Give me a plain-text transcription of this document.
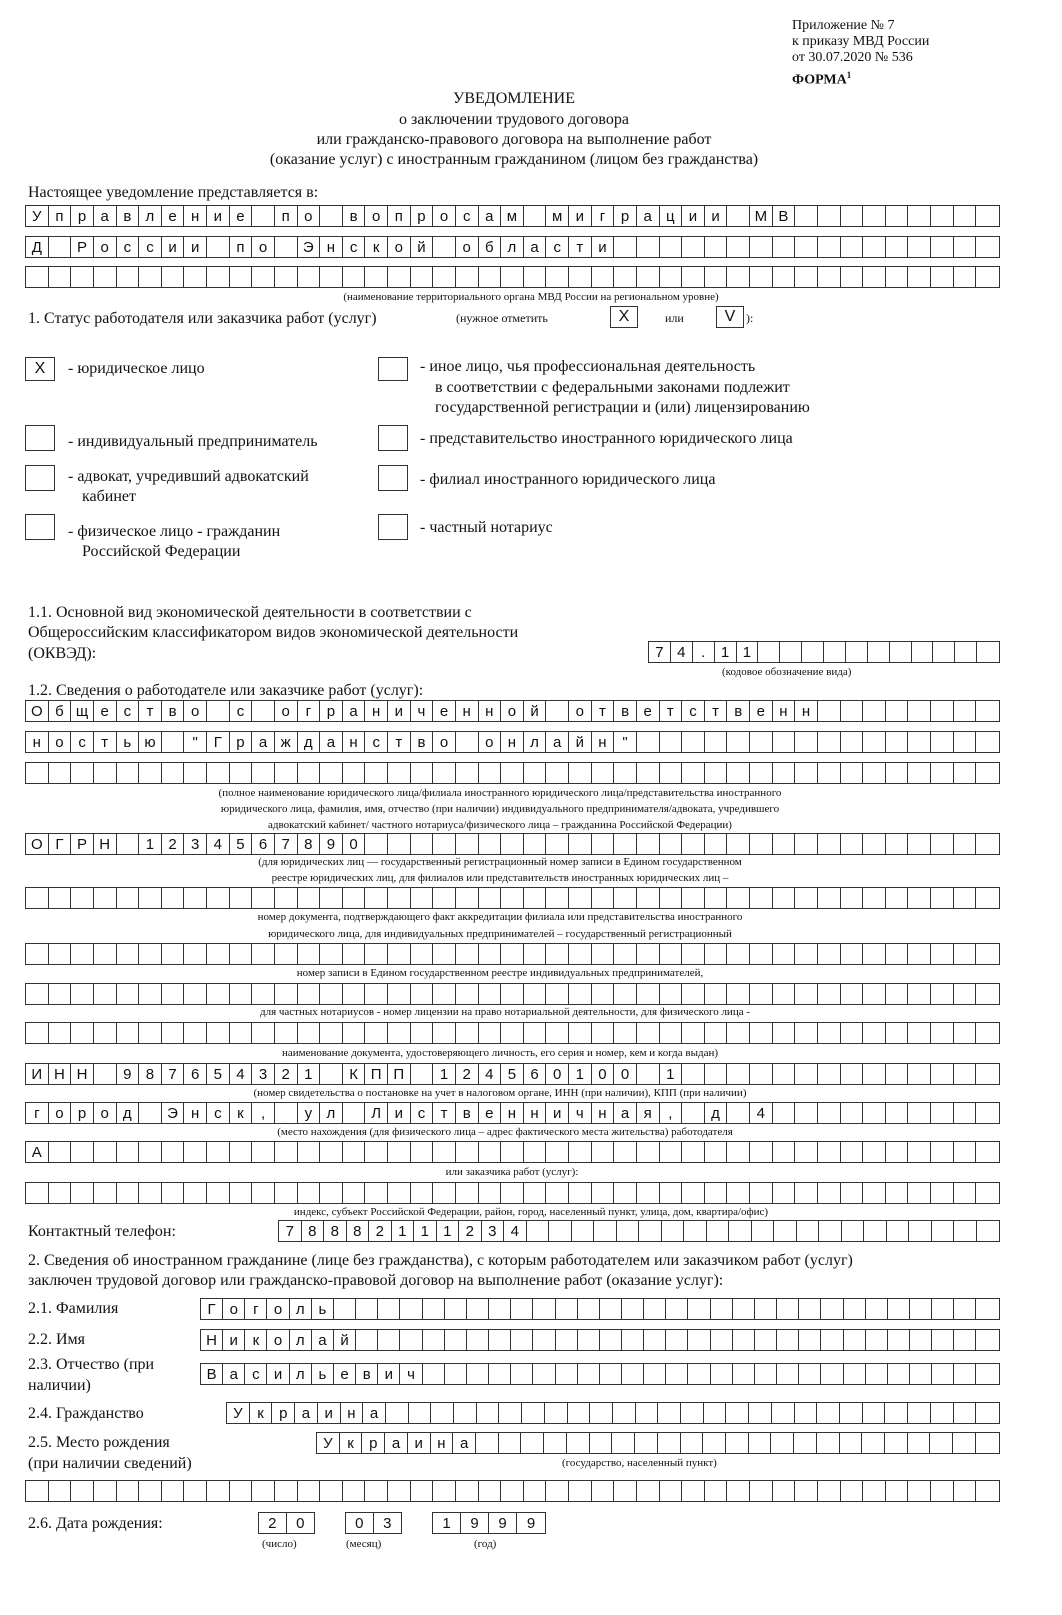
Приложение № 7
к приказу МВД России
от 30.07.2020 № 536
ФОРМА$^1$
УВЕДОМЛЕНИЕ
о заключении трудового договора
или гражданско-правового договора на выполнение работ
(оказание услуг) с иностранным гражданином (лицом без гражданства)
Настоящее уведомление представляется в:
У п р а в л е н и е	п о	в о п р о с а м	м и	г	р а ц и и	М В
Д	Р о с	с и и	п о	Э н с	к	о й	о б л а с	т и
(наименование территориального органа МВД России на региональном уровне)
1. Статус работодателя или заказчика работ (услуг)	(нужное отметить	X	или	V ):
X	- юридическое лицо	- иное лицо, чья профессиональная деятельность
в соответствии с федеральными законами подлежит
государственной регистрации и (или) лицензированию
- индивидуальный предприниматель	- представительство иностранного юридического лица
- адвокат, учредивший адвокатский
кабинет
- филиал иностранного юридического лица
- физическое лицо - гражданин
Российской Федерации
- частный нотариус
1.1. Основной вид экономической деятельности в соответствии с
Общероссийским классификатором видов экономической деятельности
(ОКВЭД):	7 4	.	1 1
(кодовое обозначение вида)
1.2. Сведения о работодателе или заказчике работ (услуг):
О б щ е с	т	в о	с	о	г	р а н и ч е н н о й	о	т	в е	т	с	т	в е н н
н о с	т	ь ю	"	Г р а ж д а н с	т	в о	о н л а й н	"
(полное наименование юридического лица/филиала иностранного юридического лица/представительства иностранного
юридического лица, фамилия, имя, отчество (при наличии) индивидуального предпринимателя/адвоката, учредившего
адвокатский кабинет/ частного нотариуса/физического лица – гражданина Российской Федерации)
О Г Р Н	1 2 3 4 5 6 7 8 9 0
(для юридических лиц — государственный регистрационный номер записи в Едином государственном
реестре юридических лиц, для филиалов или представительств иностранных юридических лиц –
номер документа, подтверждающего факт аккредитации филиала или представительства иностранного
юридического лица, для индивидуальных предпринимателей – государственный регистрационный
номер записи в Едином государственном реестре индивидуальных предпринимателей,
для частных нотариусов - номер лицензии на право нотариальной деятельности, для физического лица -
наименование документа, удостоверяющего личность, его серия и номер, кем и когда выдан)
И Н Н	9 8 7 6 5 4 3 2 1	К П П	1 2 4 5 6 0 1 0 0	1
(номер свидетельства о постановке на учет в налоговом органе, ИНН (при наличии), КПП (при наличии)
г	о р о д	Э н с	к	,	у л	Л и с	т	в е н н и ч н а я	,	д	4
(место нахождения (для физического лица – адрес фактического места жительства) работодателя
А
или заказчика работ (услуг):
индекс, субъект Российской Федерации, район, город, населенный пункт, улица, дом, квартира/офис)
Контактный телефон:	7 8 8 8 2 1 1 1 2 3 4
2. Сведения об иностранном гражданине (лице без гражданства), с которым работодателем или заказчиком работ (услуг)
заключен трудовой договор или гражданско-правовой договор на выполнение работ (оказание услуг):
2.1. Фамилия	Г о	г	о л ь
2.2. Имя	Н и к о л а й
2.3. Отчество (при
наличии)
В а с и л ь е в и ч
2.4. Гражданство	У к	р а и н а
2.5. Место рождения
(при наличии сведений)
У к	р а и н а
(государство, населенный пункт)
2.6. Дата рождения:	2	0	0	3	1	9	9	9
(число)	(месяц)	(год)
